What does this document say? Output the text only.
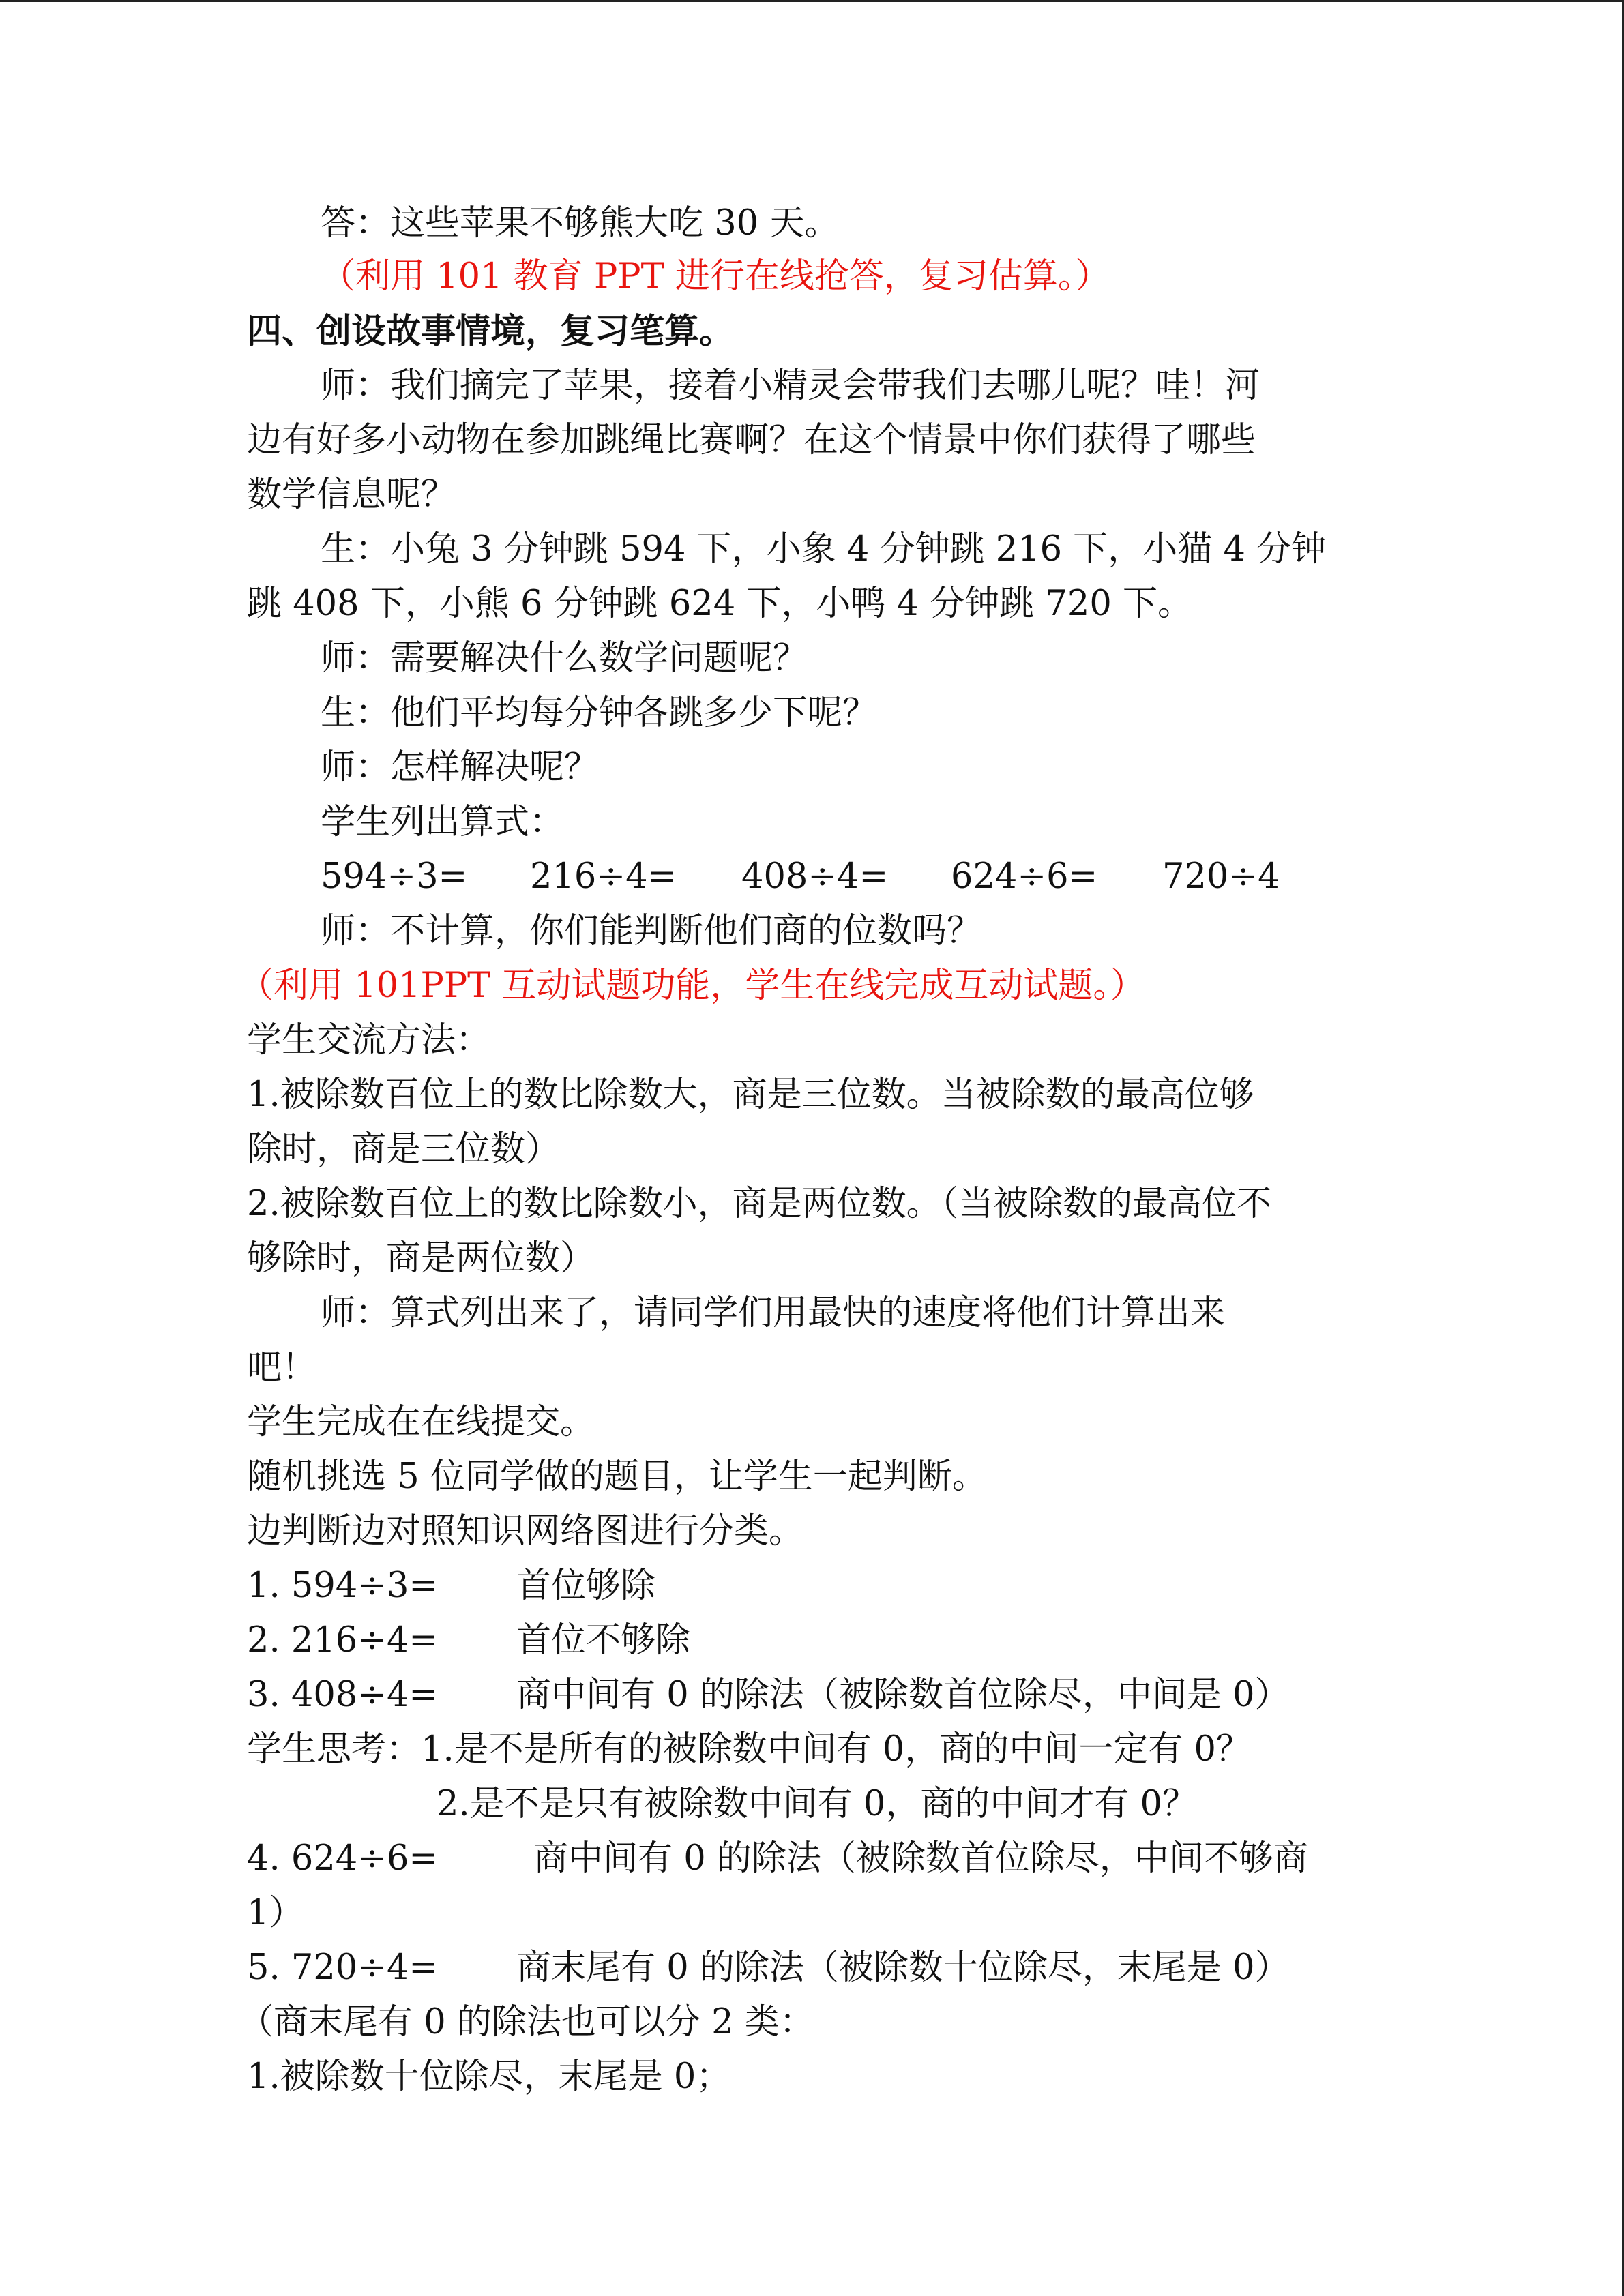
答：这些苹果不够熊大吃 30 天。

（利用 101 教育 PPT 进行在线抢答，复习估算。）

四、创设故事情境，复习笔算。

师：我们摘完了苹果，接着小精灵会带我们去哪儿呢？哇！河

边有好多小动物在参加跳绳比赛啊？在这个情景中你们获得了哪些

数学信息呢？

生：小兔 3 分钟跳 594 下，小象 4 分钟跳 216 下，小猫 4 分钟

跳 408 下，小熊 6 分钟跳 624 下，小鸭 4 分钟跳 720 下。

师：需要解决什么数学问题呢？

生：他们平均每分钟各跳多少下呢？

师：怎样解决呢？

学生列出算式：

594÷3= 216÷4= 408÷4= 624÷6= 720÷4

师：不计算，你们能判断他们商的位数吗？

（利用 101PPT 互动试题功能，学生在线完成互动试题。）

学生交流方法：

1.被除数百位上的数比除数大，商是三位数。当被除数的最高位够

除时，商是三位数）

2.被除数百位上的数比除数小，商是两位数。（当被除数的最高位不

够除时，商是两位数）

师：算式列出来了，请同学们用最快的速度将他们计算出来

吧！

学生完成在在线提交。

随机挑选 5 位同学做的题目，让学生一起判断。

边判断边对照知识网络图进行分类。

1. 594÷3= 首位够除
2. 216÷4= 首位不够除
3. 408÷4= 商中间有 0 的除法（被除数首位除尽，中间是 0）

学生思考：1.是不是所有的被除数中间有 0，商的中间一定有 0？

2.是不是只有被除数中间有 0，商的中间才有 0？

4. 624÷6=	商中间有 0 的除法（被除数首位除尽，中间不够商

1）

5. 720÷4= 商末尾有 0 的除法（被除数十位除尽，末尾是 0）

（商末尾有 0 的除法也可以分 2 类：

1.被除数十位除尽，末尾是 0；
